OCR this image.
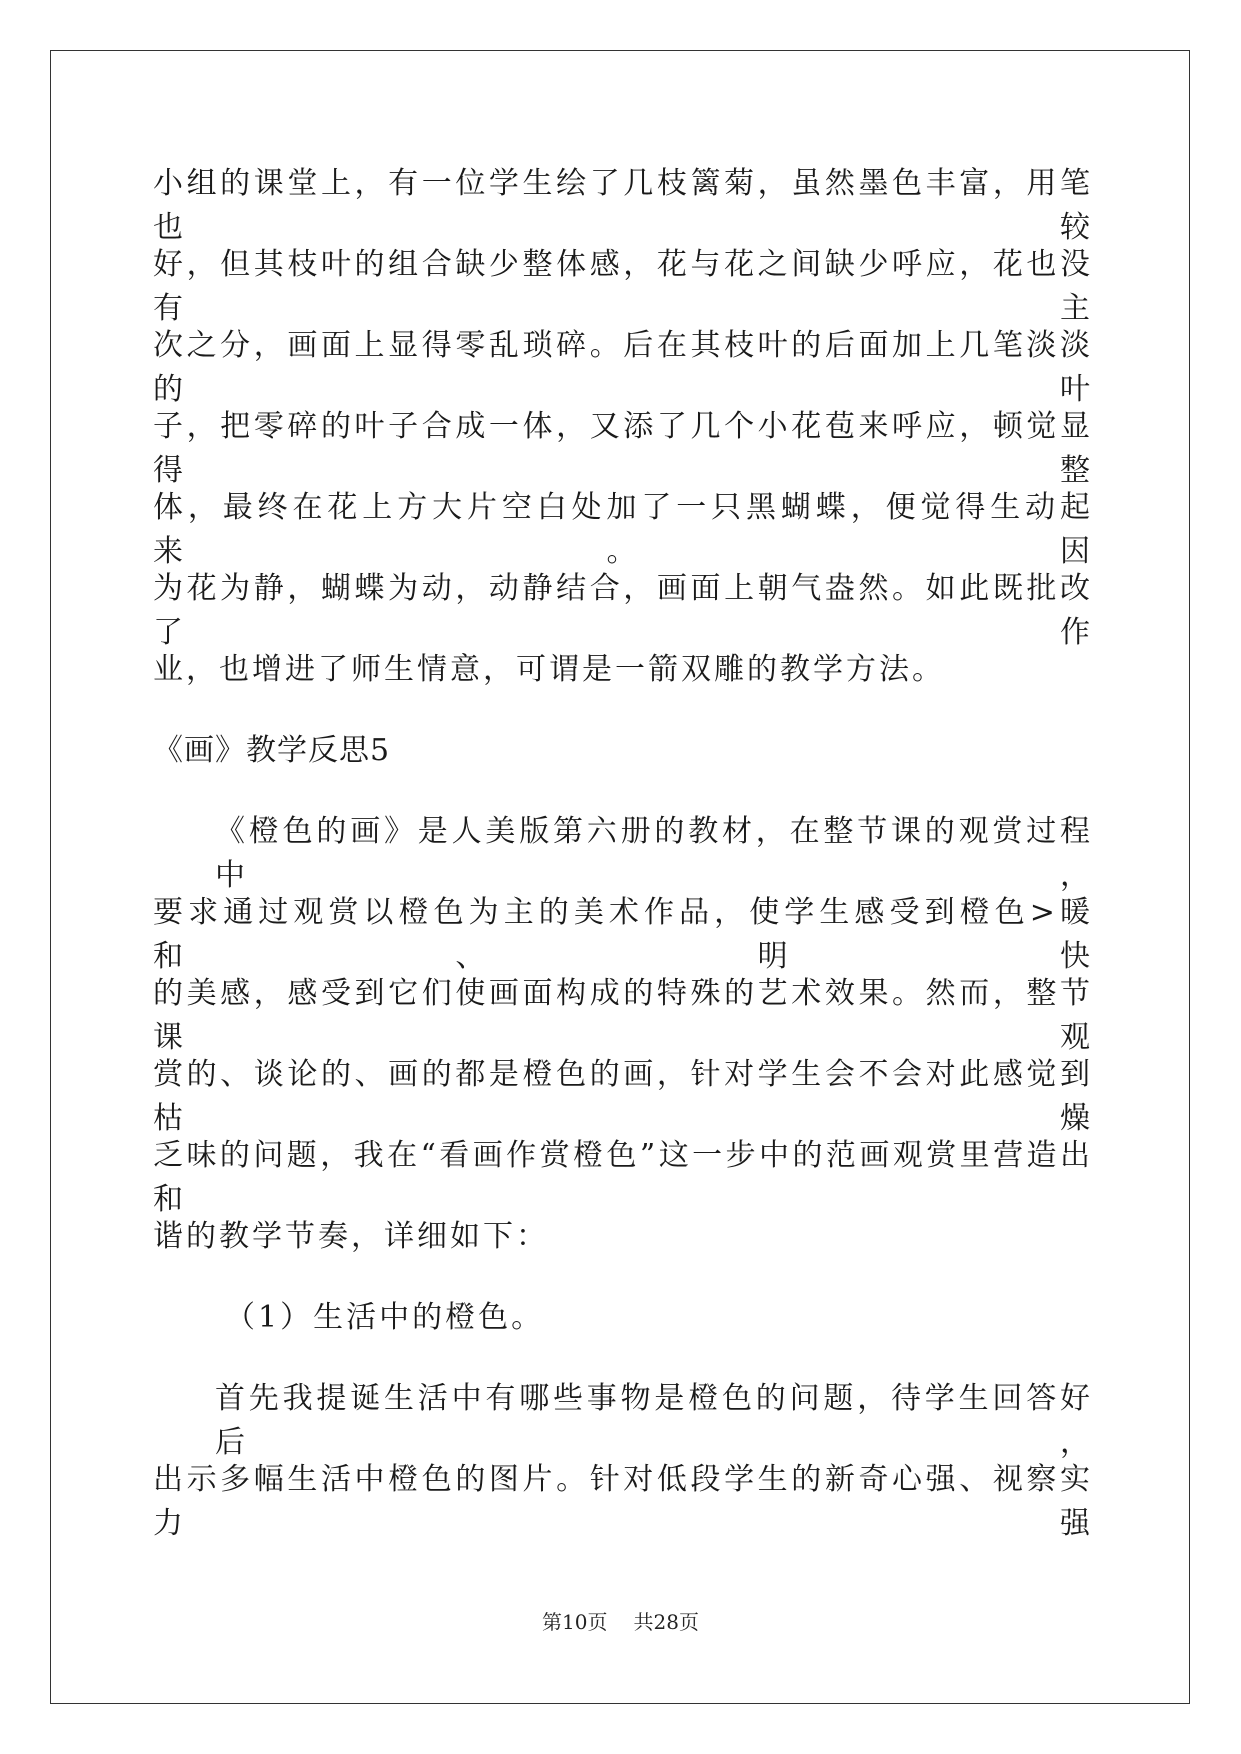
小组的课堂上，有一位学生绘了几枝篱菊，虽然墨色丰富，用笔也较
好，但其枝叶的组合缺少整体感，花与花之间缺少呼应，花也没有主
次之分，画面上显得零乱琐碎。后在其枝叶的后面加上几笔淡淡的叶
子，把零碎的叶子合成一体，又添了几个小花苞来呼应，顿觉显得整
体，最终在花上方大片空白处加了一只黑蝴蝶，便觉得生动起来。因
为花为静，蝴蝶为动，动静结合，画面上朝气盎然。如此既批改了作
业，也增进了师生情意，可谓是一箭双雕的教学方法。
《画》教学反思5
《橙色的画》是人美版第六册的教材，在整节课的观赏过程中，
要求通过观赏以橙色为主的美术作品，使学生感受到橙色>暖和、明快
的美感，感受到它们使画面构成的特殊的艺术效果。然而，整节课观
赏的、谈论的、画的都是橙色的画，针对学生会不会对此感觉到枯燥
乏味的问题，我在“看画作赏橙色”这一步中的范画观赏里营造出和
谐的教学节奏，详细如下：
（1）生活中的橙色。
首先我提诞生活中有哪些事物是橙色的问题，待学生回答好后，
出示多幅生活中橙色的图片。针对低段学生的新奇心强、视察实力强
第10页 共28页
